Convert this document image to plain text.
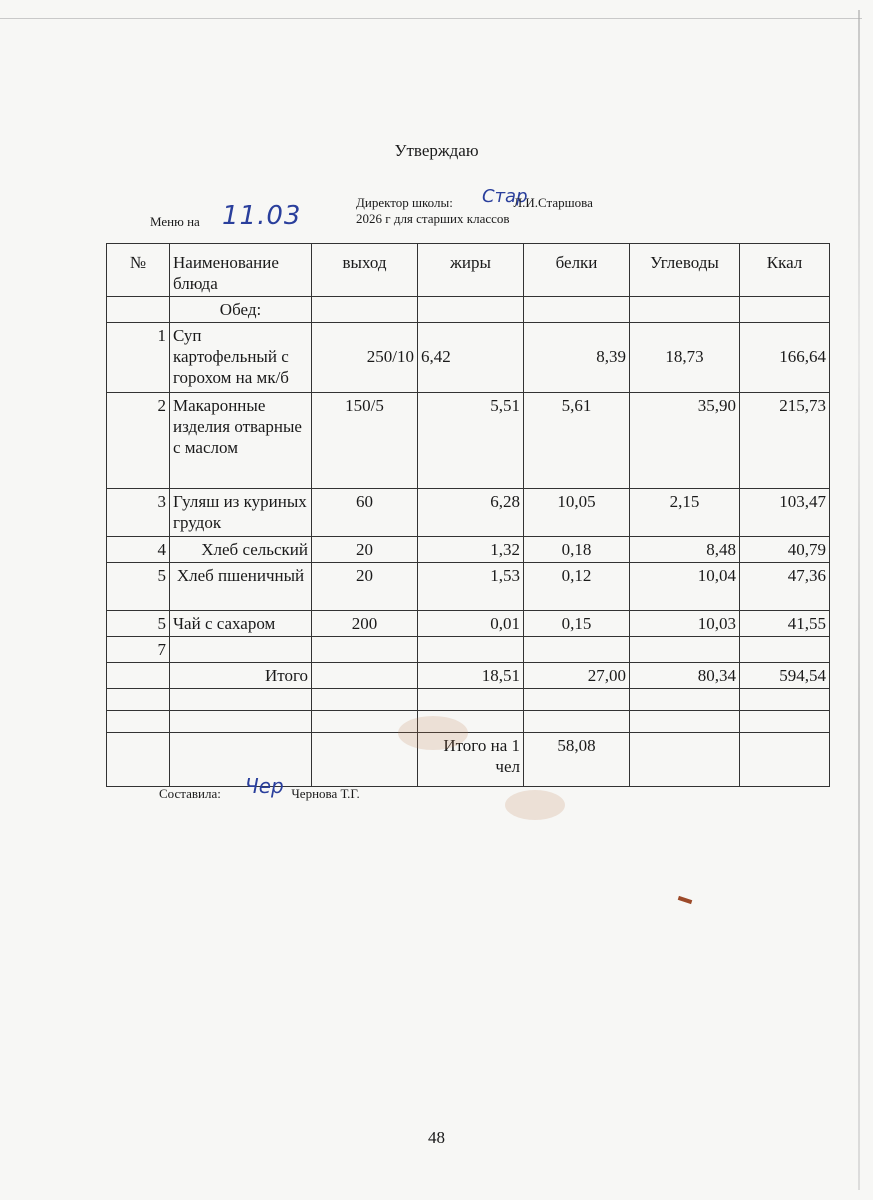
Утверждаю
Стар
Директор школы:	Л.И.Старшова
2026 г для старших классов
Меню на 11.03
№	Наименование блюда	выход	жиры	белки	Углеводы	Ккал
	Обед:					
1	Суп картофельный с горохом на мк/б	250/10	6,42	8,39	18,73	166,64
2	Макаронные изделия отварные с маслом	150/5	5,51	5,61	35,90	215,73
3	Гуляш из куриных грудок	60	6,28	10,05	2,15	103,47
4	Хлеб сельский	20	1,32	0,18	8,48	40,79
5	Хлеб пшеничный	20	1,53	0,12	10,04	47,36
5	Чай с сахаром	200	0,01	0,15	10,03	41,55
7						
	Итого		18,51	27,00	80,34	594,54

			Итого на 1 чел	58,08		
Чер
Составила:	Чернова Т.Г.
48
